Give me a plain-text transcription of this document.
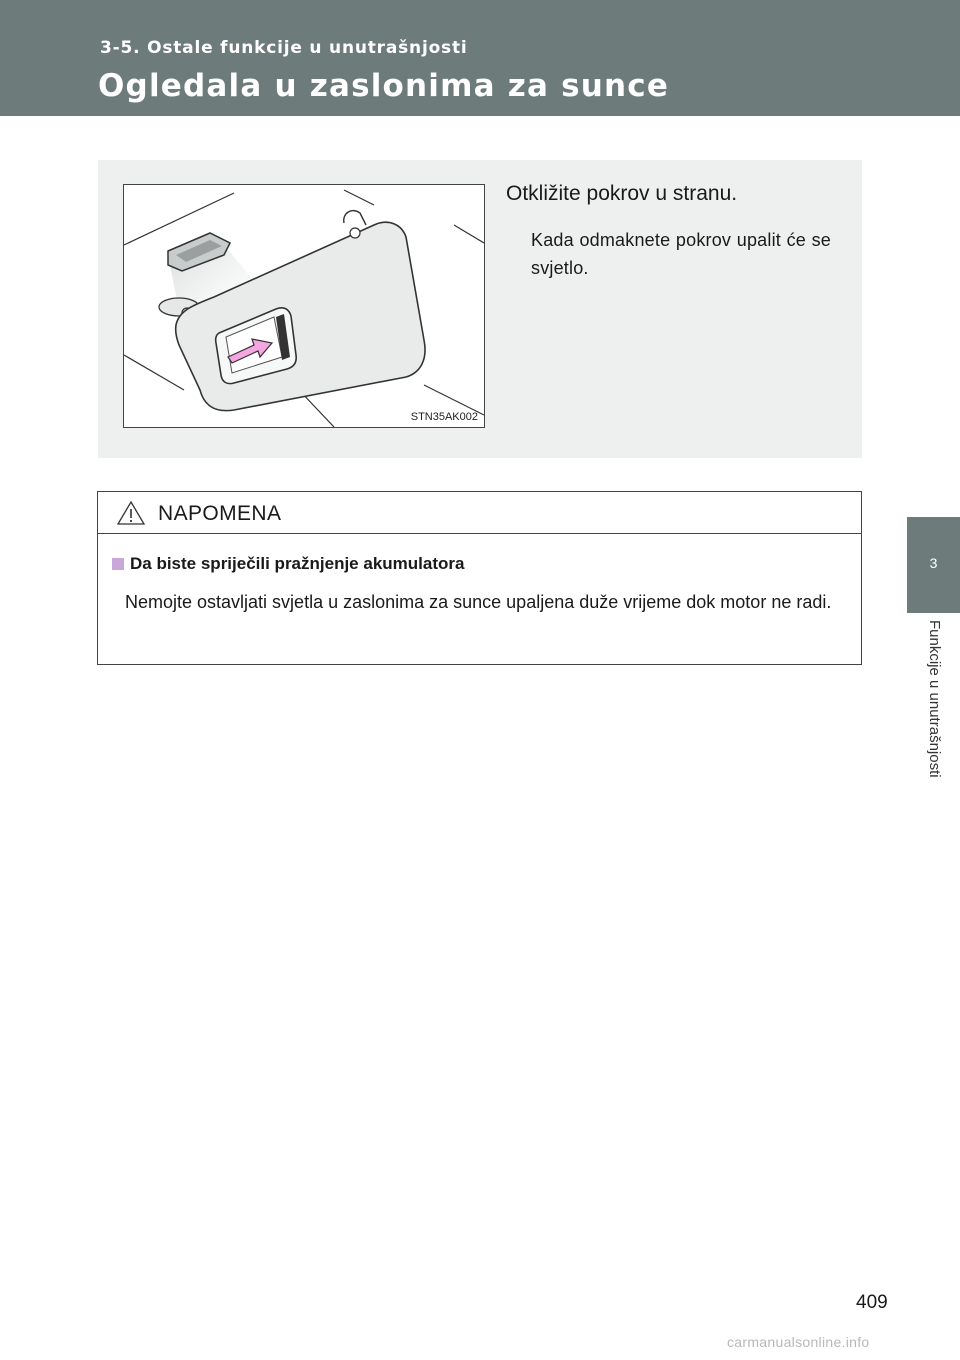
3-5. Ostale funkcije u unutrašnjosti
Ogledala u zaslonima za sunce
3
Funkcije u unutrašnjosti
STN35AK002
Otkližite pokrov u stranu.
Kada odmaknete pokrov upalit će se svjetlo.
NAPOMENA
Da biste spriječili pražnjenje akumulatora
Nemojte ostavljati svjetla u zaslonima za sunce upaljena duže vrijeme dok motor ne radi.
409
carmanualsonline.info
